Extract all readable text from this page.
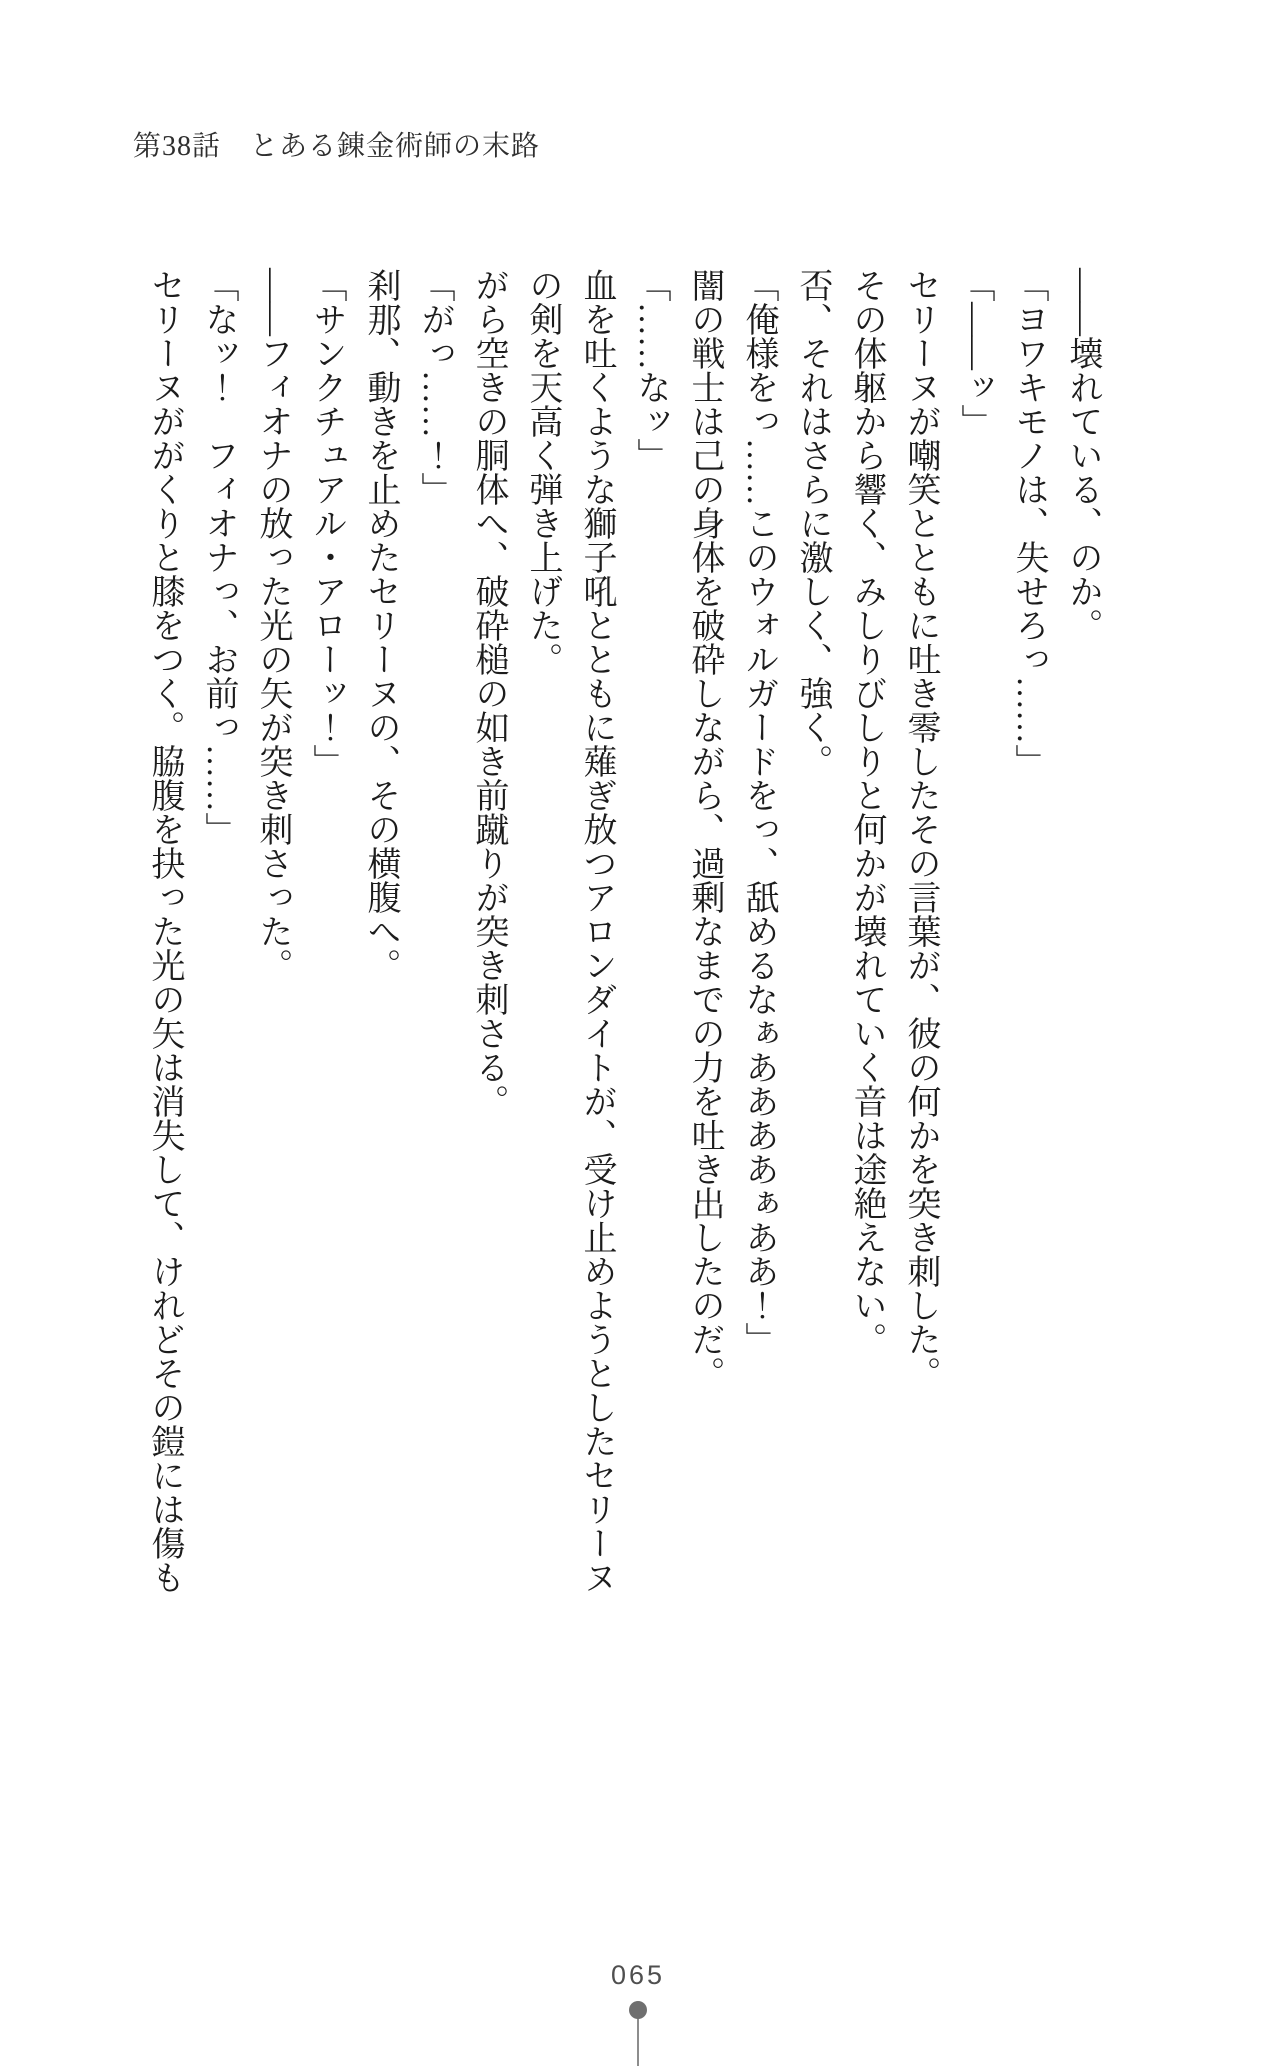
第38話　とある錬金術師の末路

——壊れている、のか。

「ヨワキモノは、失せろっ……」

「——ッ」

セリーヌが嘲笑とともに吐き零したその言葉が、彼の何かを突き刺した。

その体躯から響く、みしりびしりと何かが壊れていく音は途絶えない。

否、それはさらに激しく、強く。

「俺様をっ……このウォルガードをっ、舐めるなぁああああぁああ！」

闇の戦士は己の身体を破砕しながら、過剰なまでの力を吐き出したのだ。

「……なッ」

血を吐くような獅子吼とともに薙ぎ放つアロンダイトが、受け止めようとしたセリーヌ

の剣を天高く弾き上げた。

がら空きの胴体へ、破砕槌の如き前蹴りが突き刺さる。

「がっ……！」

刹那、動きを止めたセリーヌの、その横腹へ。

「サンクチュアル・アローッ！」

——フィオナの放った光の矢が突き刺さった。

「なッ！　フィオナっ、お前っ……」

セリーヌががくりと膝をつく。脇腹を抉った光の矢は消失して、けれどその鎧には傷も

065
